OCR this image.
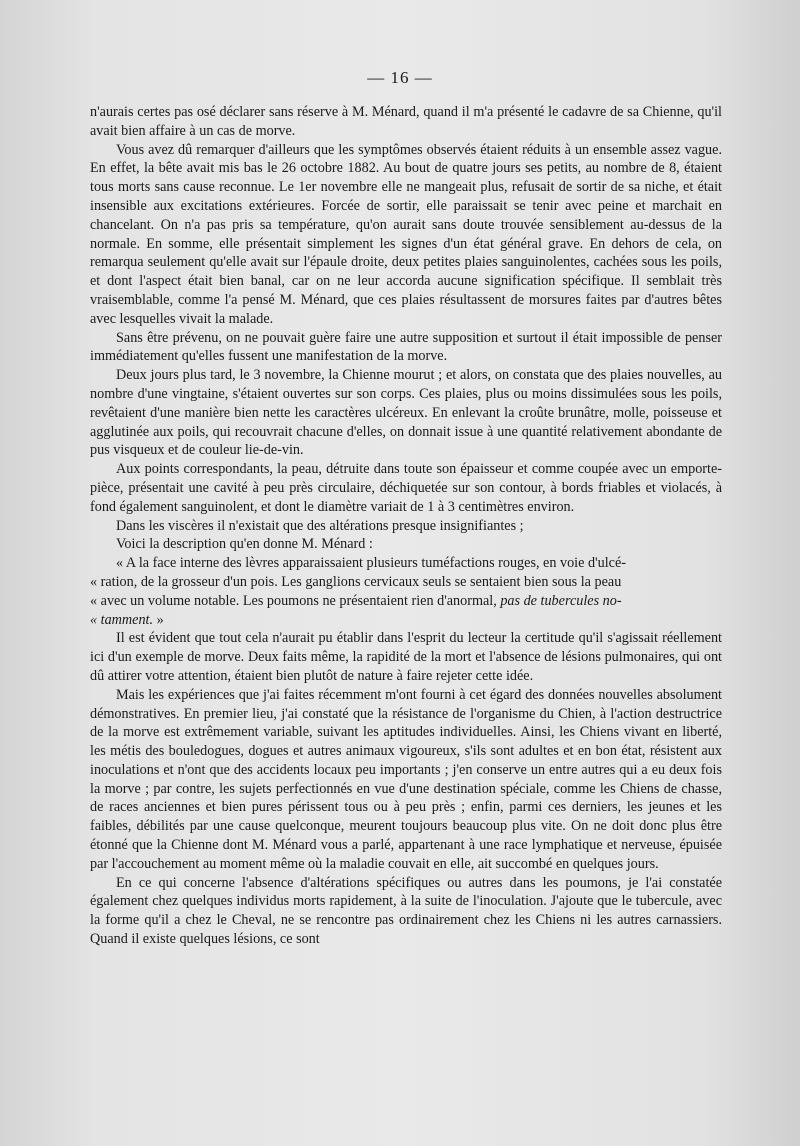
— 16 —

n'aurais certes pas osé déclarer sans réserve à M. Ménard, quand il m'a présenté le cadavre de sa Chienne, qu'il avait bien affaire à un cas de morve.

Vous avez dû remarquer d'ailleurs que les symptômes observés étaient réduits à un ensemble assez vague. En effet, la bête avait mis bas le 26 octobre 1882. Au bout de quatre jours ses petits, au nombre de 8, étaient tous morts sans cause reconnue. Le 1er novembre elle ne mangeait plus, refusait de sortir de sa niche, et était insensible aux excitations extérieures. Forcée de sortir, elle paraissait se tenir avec peine et marchait en chancelant. On n'a pas pris sa température, qu'on aurait sans doute trouvée sensiblement au-dessus de la normale. En somme, elle présentait simplement les signes d'un état général grave. En dehors de cela, on remarqua seulement qu'elle avait sur l'épaule droite, deux petites plaies sanguinolentes, cachées sous les poils, et dont l'aspect était bien banal, car on ne leur accorda aucune signification spécifique. Il semblait très vraisemblable, comme l'a pensé M. Ménard, que ces plaies résultassent de morsures faites par d'autres bêtes avec lesquelles vivait la malade.

Sans être prévenu, on ne pouvait guère faire une autre supposition et surtout il était impossible de penser immédiatement qu'elles fussent une manifestation de la morve.

Deux jours plus tard, le 3 novembre, la Chienne mourut ; et alors, on constata que des plaies nouvelles, au nombre d'une vingtaine, s'étaient ouvertes sur son corps. Ces plaies, plus ou moins dissimulées sous les poils, revêtaient d'une manière bien nette les caractères ulcéreux. En enlevant la croûte brunâtre, molle, poisseuse et agglutinée aux poils, qui recouvrait chacune d'elles, on donnait issue à une quantité relativement abondante de pus visqueux et de couleur lie-de-vin.

Aux points correspondants, la peau, détruite dans toute son épaisseur et comme coupée avec un emporte-pièce, présentait une cavité à peu près circulaire, déchiquetée sur son contour, à bords friables et violacés, à fond également sanguinolent, et dont le diamètre variait de 1 à 3 centimètres environ.

Dans les viscères il n'existait que des altérations presque insignifiantes ;

Voici la description qu'en donne M. Ménard :

« A la face interne des lèvres apparaissaient plusieurs tuméfactions rouges, en voie d'ulcé-
« ration, de la grosseur d'un pois. Les ganglions cervicaux seuls se sentaient bien sous la peau
« avec un volume notable. Les poumons ne présentaient rien d'anormal, pas de tubercules no-
« tamment. »

Il est évident que tout cela n'aurait pu établir dans l'esprit du lecteur la certitude qu'il s'agissait réellement ici d'un exemple de morve. Deux faits même, la rapidité de la mort et l'absence de lésions pulmonaires, qui ont dû attirer votre attention, étaient bien plutôt de nature à faire rejeter cette idée.

Mais les expériences que j'ai faites récemment m'ont fourni à cet égard des données nouvelles absolument démonstratives. En premier lieu, j'ai constaté que la résistance de l'organisme du Chien, à l'action destructrice de la morve est extrêmement variable, suivant les aptitudes individuelles. Ainsi, les Chiens vivant en liberté, les métis des bouledogues, dogues et autres animaux vigoureux, s'ils sont adultes et en bon état, résistent aux inoculations et n'ont que des accidents locaux peu importants ; j'en conserve un entre autres qui a eu deux fois la morve ; par contre, les sujets perfectionnés en vue d'une destination spéciale, comme les Chiens de chasse, de races anciennes et bien pures périssent tous ou à peu près ; enfin, parmi ces derniers, les jeunes et les faibles, débilités par une cause quelconque, meurent toujours beaucoup plus vite. On ne doit donc plus être étonné que la Chienne dont M. Ménard vous a parlé, appartenant à une race lymphatique et nerveuse, épuisée par l'accouchement au moment même où la maladie couvait en elle, ait succombé en quelques jours.

En ce qui concerne l'absence d'altérations spécifiques ou autres dans les poumons, je l'ai constatée également chez quelques individus morts rapidement, à la suite de l'inoculation. J'ajoute que le tubercule, avec la forme qu'il a chez le Cheval, ne se rencontre pas ordinairement chez les Chiens ni les autres carnassiers. Quand il existe quelques lésions, ce sont
